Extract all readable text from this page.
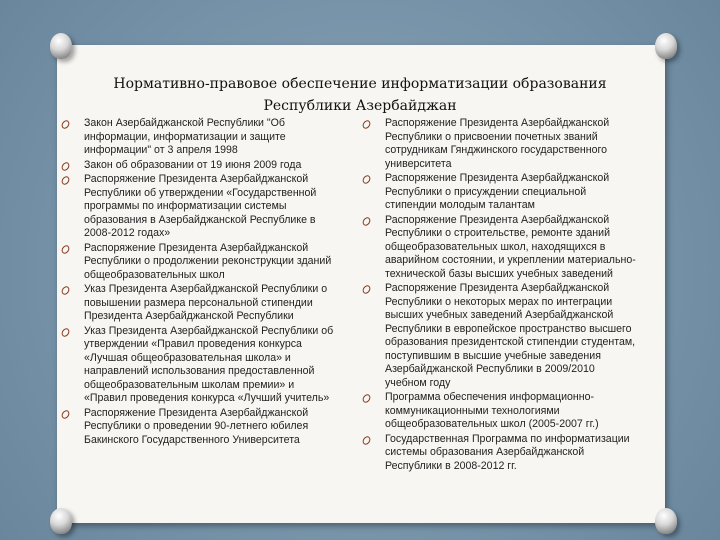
Нормативно-правовое обеспечение информатизации образования
Республики Азербайджан
Закон Азербайджанской Республики "Об
информации, информатизации и защите
информации" от 3 апреля 1998
Закон об образовании от 19 июня 2009 года
Распоряжение Президента Азербайджанской
Республики об утверждении «Государственной
программы по информатизации системы
образования в Азербайджанской Республике в
2008-2012 годах»
Распоряжение Президента Азербайджанской
Республики о продолжении реконструкции зданий
общеобразовательных школ
Указ Президента Азербайджанской Республики о
повышении размера персональной стипендии
Президента Азербайджанской Республики
Указ Президента Азербайджанской Республики об
утверждении «Правил проведения конкурса
«Лучшая общеобразовательная школа» и
направлений использования предоставленной
общеобразовательным школам премии» и
«Правил проведения конкурса «Лучший учитель»
Распоряжение Президента Азербайджанской
Республики о проведении 90-летнего юбилея
Бакинского Государственного Университета
Распоряжение Президента Азербайджанской
Республики о присвоении почетных званий
сотрудникам Гянджинского государственного
университета
Распоряжение Президента Азербайджанской
Республики о присуждении специальной
стипендии молодым талантам
Распоряжение Президента Азербайджанской
Республики о строительстве, ремонте зданий
общеобразовательных школ, находящихся в
аварийном состоянии, и укреплении материально-
технической базы высших учебных заведений
Распоряжение Президента Азербайджанской
Республики о некоторых мерах по интеграции
высших учебных заведений Азербайджанской
Республики в европейское пространство высшего
образования президентской стипендии студентам,
поступившим в высшие учебные заведения
Азербайджанской Республики в 2009/2010
учебном году
Программа обеспечения информационно-
коммуникационными технологиями
общеобразовательных школ (2005-2007 гг.)
Государственная Программа по информатизации
системы образования Азербайджанской
Республики в 2008-2012 гг.
